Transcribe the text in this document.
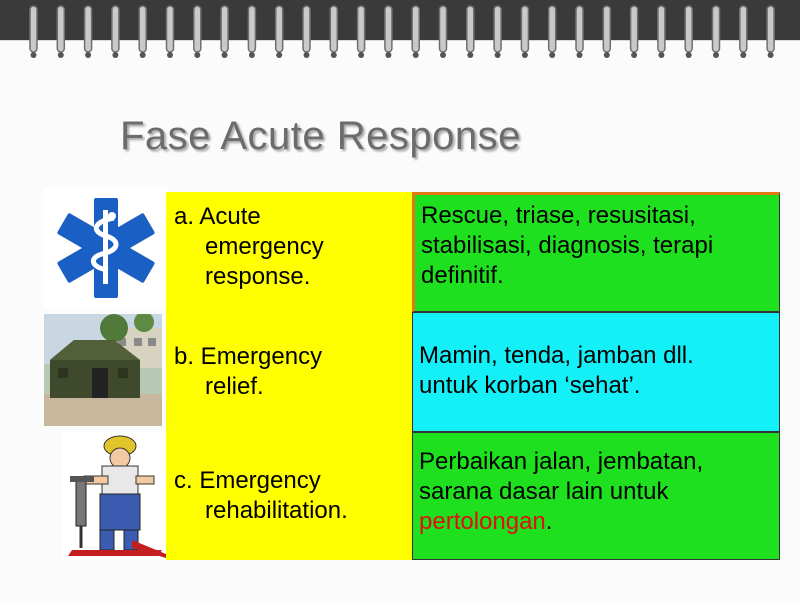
Fase Acute Response
a. Acute
emergency
response.
Rescue, triase, resusitasi,
stabilisasi, diagnosis, terapi
definitif.
b. Emergency
relief.
Mamin, tenda, jamban dll.
untuk korban ‘sehat’.
c. Emergency
rehabilitation.
Perbaikan jalan, jembatan,
sarana dasar lain untuk
pertolongan.
